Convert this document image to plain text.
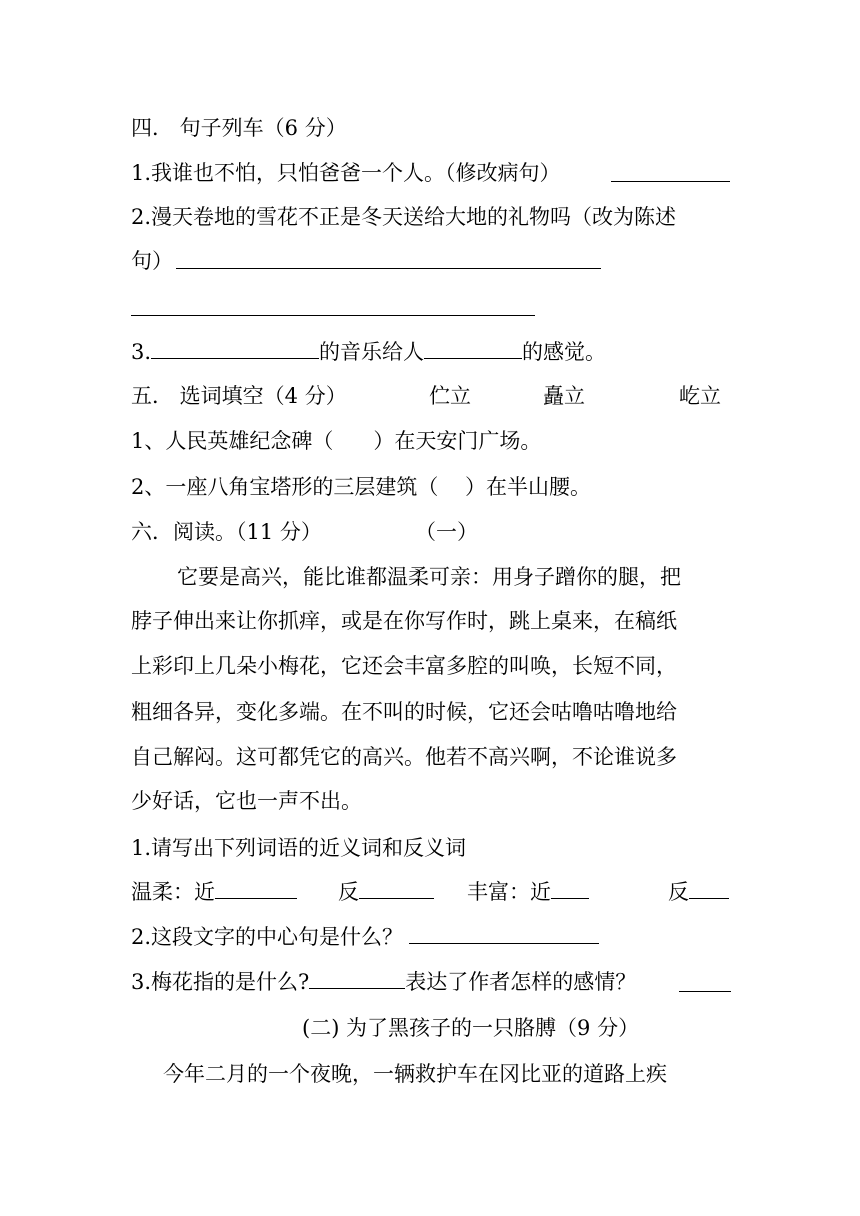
四． 句子列车（6 分）
1.我谁也不怕，只怕爸爸一个人。（修改病句）
2.漫天卷地的雪花不正是冬天送给大地的礼物吗（改为陈述
句）
3.	的音乐给人	的感觉。
五． 选词填空（4 分）	伫立	矗立	屹立
1、人民英雄纪念碑（      ）在天安门广场。
2、一座八角宝塔形的三层建筑（    ）在半山腰。
六．阅读。（11 分）	（一）
它要是高兴，能比谁都温柔可亲：用身子蹭你的腿，把
脖子伸出来让你抓痒，或是在你写作时，跳上桌来，在稿纸
上彩印上几朵小梅花，它还会丰富多腔的叫唤，长短不同，
粗细各异，变化多端。在不叫的时候，它还会咕噜咕噜地给
自己解闷。这可都凭它的高兴。他若不高兴啊，不论谁说多
少好话，它也一声不出。
1.请写出下列词语的近义词和反义词
温柔：近	反	丰富：近	反
2.这段文字的中心句是什么？
3.梅花指的是什么?	表达了作者怎样的感情？
(二) 为了黑孩子的一只胳膊（9 分）
今年二月的一个夜晚，一辆救护车在冈比亚的道路上疾
